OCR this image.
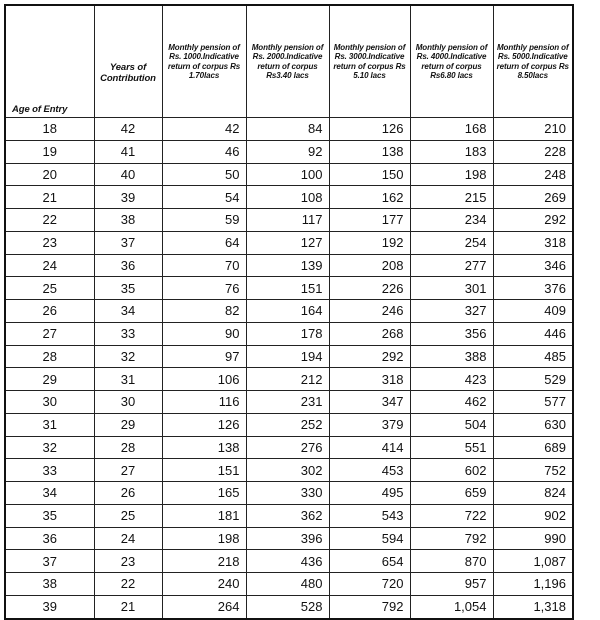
Age of Entry	Years of Contribution	Monthly pension of Rs. 1000.Indicative return of corpus Rs 1.70lacs	Monthly pension of Rs. 2000.Indicative return of corpus Rs3.40 lacs	Monthly pension of Rs. 3000.Indicative return of corpus Rs 5.10 lacs	Monthly pension of Rs. 4000.Indicative return of corpus Rs6.80 lacs	Monthly pension of Rs. 5000.Indicative return of corpus Rs 8.50lacs
18	42	42	84	126	168	210
19	41	46	92	138	183	228
20	40	50	100	150	198	248
21	39	54	108	162	215	269
22	38	59	117	177	234	292
23	37	64	127	192	254	318
24	36	70	139	208	277	346
25	35	76	151	226	301	376
26	34	82	164	246	327	409
27	33	90	178	268	356	446
28	32	97	194	292	388	485
29	31	106	212	318	423	529
30	30	116	231	347	462	577
31	29	126	252	379	504	630
32	28	138	276	414	551	689
33	27	151	302	453	602	752
34	26	165	330	495	659	824
35	25	181	362	543	722	902
36	24	198	396	594	792	990
37	23	218	436	654	870	1,087
38	22	240	480	720	957	1,196
39	21	264	528	792	1,054	1,318
